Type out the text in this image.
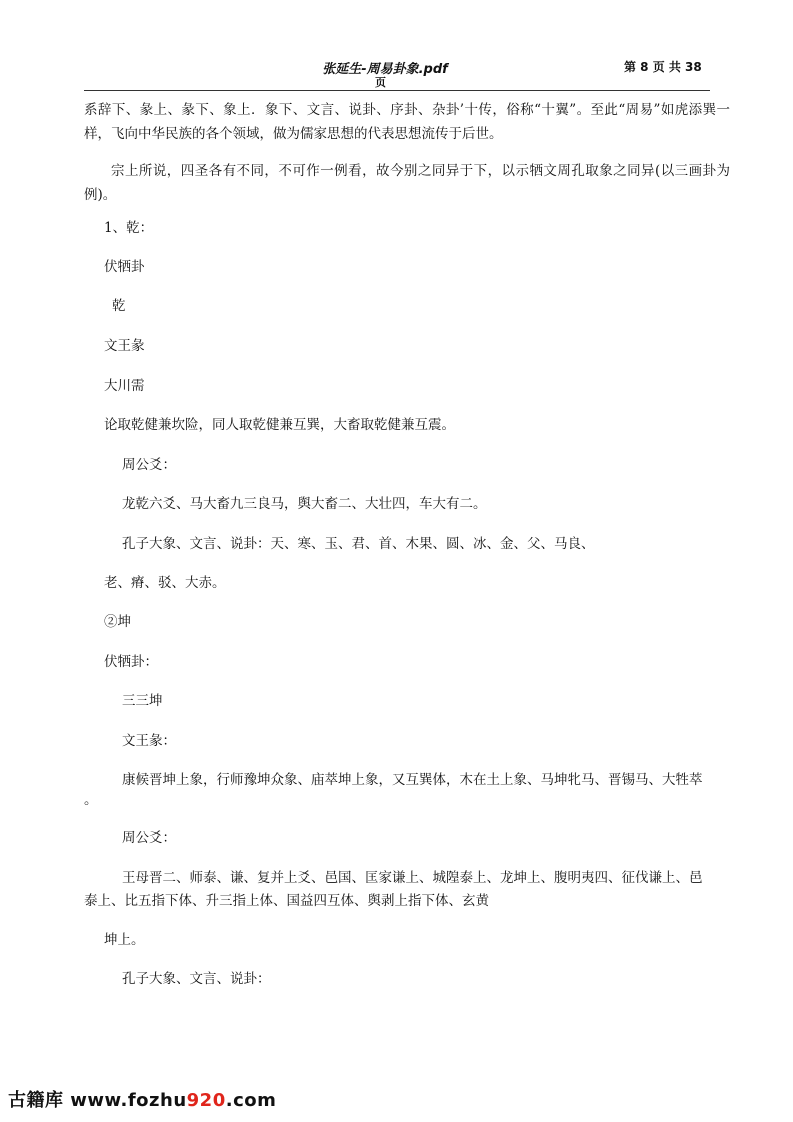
张延生-周易卦象.pdf	第 8 页 共 38
页
系辞下、彖上、彖下、象上．象下、文言、说卦、序卦、杂卦’十传，俗称“十翼”。至此“周易”如虎添巽一样，飞向中华民族的各个领域，做为儒家思想的代表思想流传于后世。
宗上所说，四圣各有不同，不可作一例看，故今别之同异于下，以示牺文周孔取象之同异(以三画卦为例)。
1、乾：
伏牺卦
乾
文王彖
大川需
论取乾健兼坎险，同人取乾健兼互巽，大畜取乾健兼互震。
周公爻：
龙乾六爻、马大畜九三良马，舆大畜二、大壮四，车大有二。
孔子大象、文言、说卦：天、寒、玉、君、首、木果、圆、冰、金、父、马良、
老、瘠、驳、大赤。
②坤
伏牺卦：
三三坤
文王彖：
康候晋坤上象，行师豫坤众象、庙萃坤上象，又互巽体，木在土上象、马坤牝马、晋锡马、大牲萃
。
周公爻：
王母晋二、师泰、谦、复并上爻、邑国、匡家谦上、城隍泰上、龙坤上、腹明夷四、征伐谦上、邑
泰上、比五指下体、升三指上体、国益四互体、舆剥上指下体、玄黄
坤上。
孔子大象、文言、说卦：
古籍库 www.fozhu920.com
